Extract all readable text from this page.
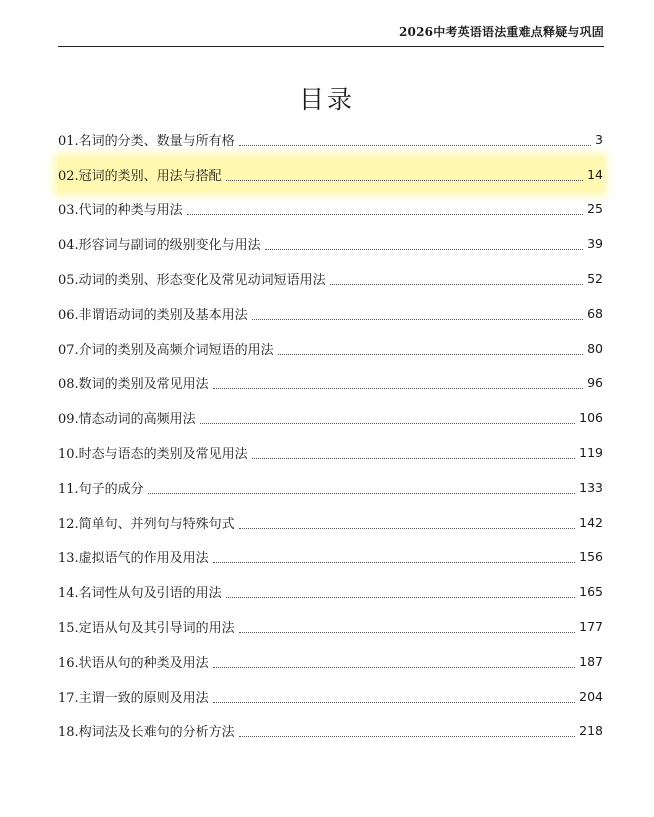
2026中考英语语法重难点释疑与巩固
目录
01.名词的分类、数量与所有格	3
02.冠词的类别、用法与搭配	14
03.代词的种类与用法	25
04.形容词与副词的级别变化与用法	39
05.动词的类别、形态变化及常见动词短语用法	52
06.非谓语动词的类别及基本用法	68
07.介词的类别及高频介词短语的用法	80
08.数词的类别及常见用法	96
09.情态动词的高频用法	106
10.时态与语态的类别及常见用法	119
11.句子的成分	133
12.简单句、并列句与特殊句式	142
13.虚拟语气的作用及用法	156
14.名词性从句及引语的用法	165
15.定语从句及其引导词的用法	177
16.状语从句的种类及用法	187
17.主谓一致的原则及用法	204
18.构词法及长难句的分析方法	218
